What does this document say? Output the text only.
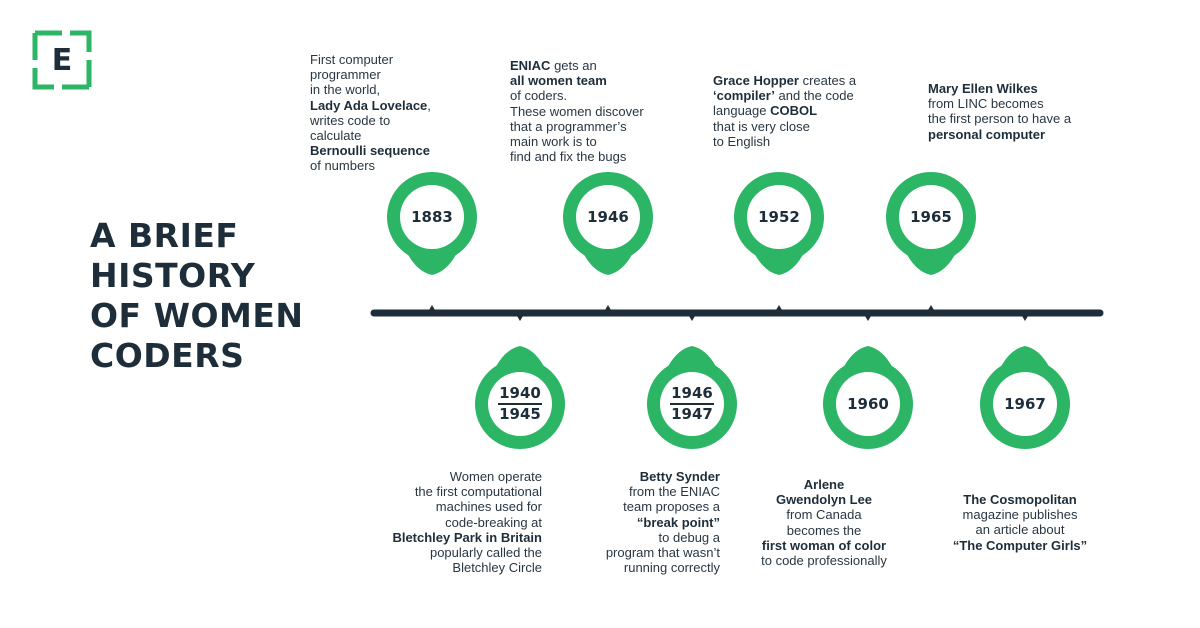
E
A BRIEF
HISTORY
OF WOMEN
CODERS
1883
First computer
programmer
in the world,
Lady Ada Lovelace,
writes code to
calculate
Bernoulli sequence
of numbers
1946
ENIAC gets an
all women team
of coders.
These women discover
that a programmer’s
main work is to
find and fix the bugs
1952
Grace Hopper creates a
‘compiler’ and the code
language COBOL
that is very close
to English
1965
Mary Ellen Wilkes
from LINC becomes
the first person to have a
personal computer
1940
1945
Women operate
the first computational
machines used for
code-breaking at
Bletchley Park in Britain
popularly called the
Bletchley Circle
1946
1947
Betty Synder
from the ENIAC
team proposes a
“break point”
to debug a
program that wasn’t
running correctly
1960
Arlene
Gwendolyn Lee
from Canada
becomes the
first woman of color
to code professionally
1967
The Cosmopolitan
magazine publishes
an article about
“The Computer Girls”
